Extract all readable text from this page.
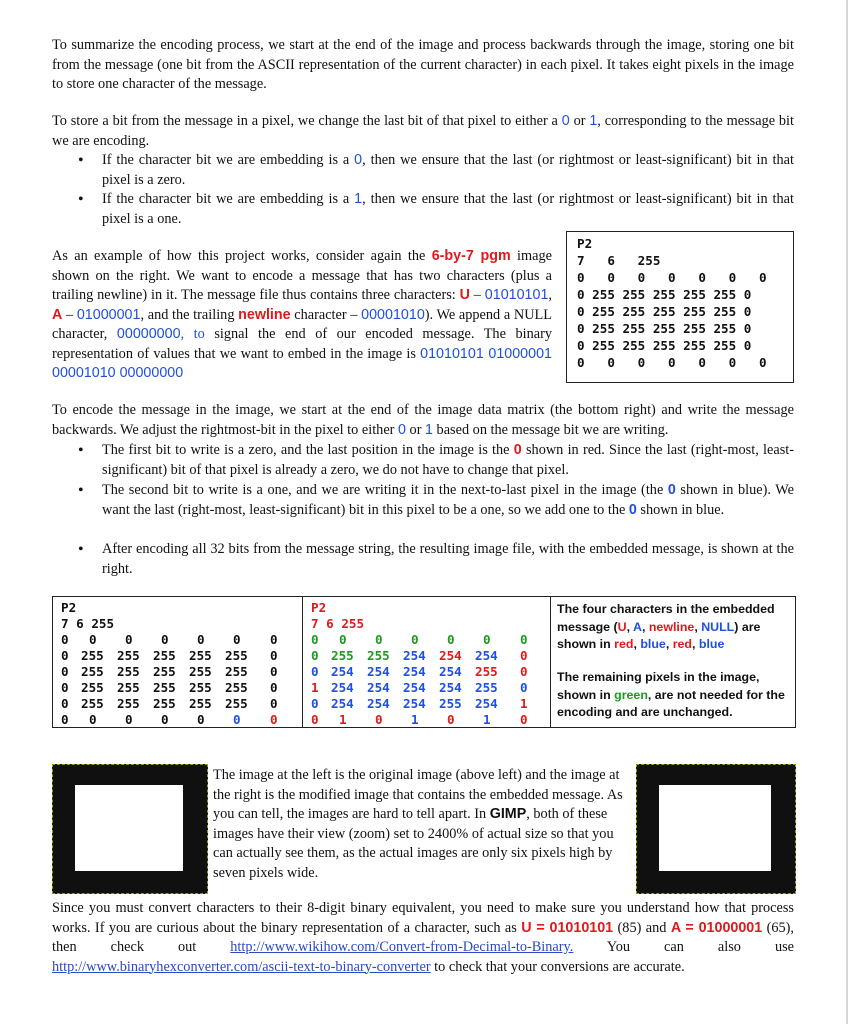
To summarize the encoding process, we start at the end of the image and process backwards through the image, storing one bit from the message (one bit from the ASCII representation of the current character) in each pixel. It takes eight pixels in the image to store one character of the message.
To store a bit from the message in a pixel, we change the last bit of that pixel to either a 0 or 1, corresponding to the message bit we are encoding.
• If the character bit we are embedding is a 0, then we ensure that the last (or rightmost or least-significant) bit in that pixel is a zero.
• If the character bit we are embedding is a 1, then we ensure that the last (or rightmost or least-significant) bit in that pixel is a one.
As an example of how this project works, consider again the 6-by-7 pgm image shown on the right. We want to encode a message that has two characters (plus a trailing newline) in it. The message file thus contains three characters: U – 01010101, A – 01000001, and the trailing newline character – 00001010). We append a NULL character, 00000000, to signal the end of our encoded message. The binary representation of values that we want to embed in the image is 01010101 01000001 00001010 00000000
P2
7   6   255
0   0   0   0   0   0   0
0 255 255 255 255 255 0
0 255 255 255 255 255 0
0 255 255 255 255 255 0
0 255 255 255 255 255 0
0   0   0   0   0   0   0
To encode the message in the image, we start at the end of the image data matrix (the bottom right) and write the message backwards. We adjust the rightmost-bit in the pixel to either 0 or 1 based on the message bit we are writing.
• The first bit to write is a zero, and the last position in the image is the 0 shown in red. Since the last (right-most, least-significant) bit of that pixel is already a zero, we do not have to change that pixel.
• The second bit to write is a one, and we are writing it in the next-to-last pixel in the image (the 0 shown in blue). We want the last (right-most, least-significant) bit in this pixel to be a one, so we add one to the 0 shown in blue.
• After encoding all 32 bits from the message string, the resulting image file, with the embedded message, is shown at the right.
P2
7 6 255
0 0 0 0 0 0 0
0 255 255 255 255 255 0
0 255 255 255 255 255 0
0 255 255 255 255 255 0
0 255 255 255 255 255 0
0 0 0 0 0 0 0
P2
7 6 255
0 0 0 0 0 0 0
0 255 255 254 254 254 0
0 254 254 254 254 255 0
1 254 254 254 254 255 0
0 254 254 254 255 254 1
0 1 0 1 0 1 0
The four characters in the embedded message (U, A, newline, NULL) are shown in red, blue, red, blue
The remaining pixels in the image, shown in green, are not needed for the encoding and are unchanged.
The image at the left is the original image (above left) and the image at the right is the modified image that contains the embedded message. As you can tell, the images are hard to tell apart. In GIMP, both of these images have their view (zoom) set to 2400% of actual size so that you can actually see them, as the actual images are only six pixels high by seven pixels wide.
Since you must convert characters to their 8-digit binary equivalent, you need to make sure you understand how that process works. If you are curious about the binary representation of a character, such as U = 01010101 (85) and A = 01000001 (65), then check out http://www.wikihow.com/Convert-from-Decimal-to-Binary. You can also use http://www.binaryhexconverter.com/ascii-text-to-binary-converter to check that your conversions are accurate.
